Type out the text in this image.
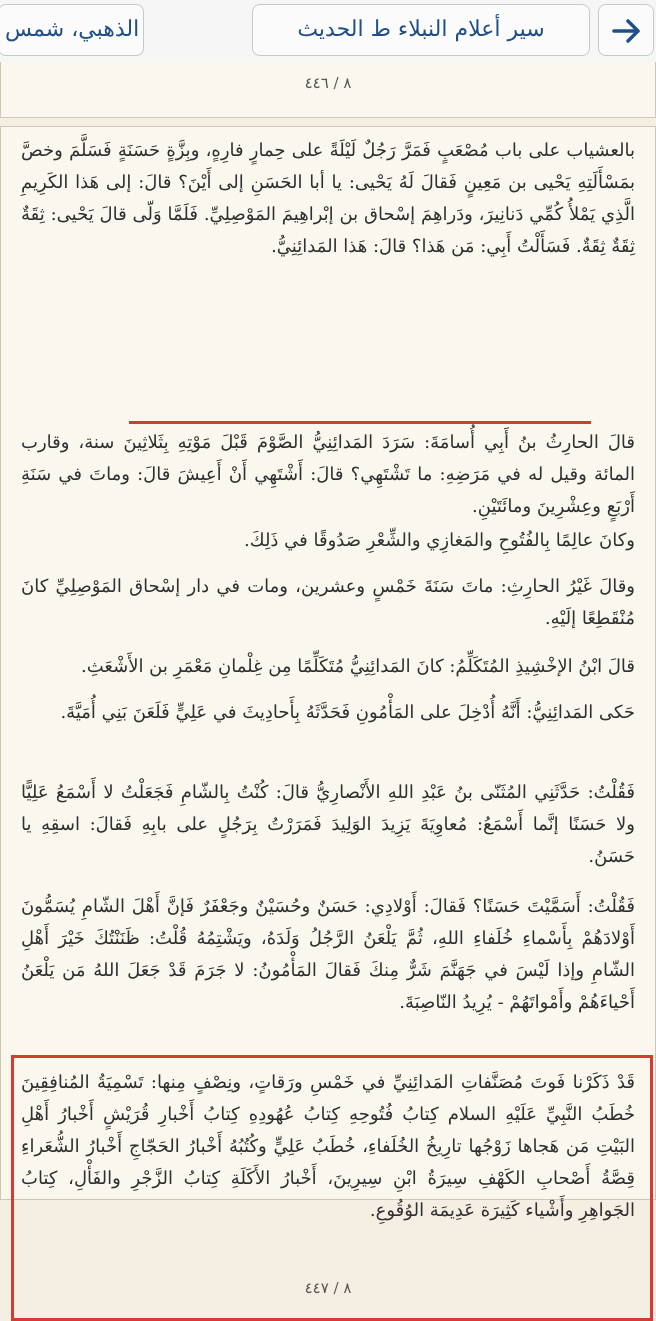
الذهبي، شمس	سير أعلام النبلاء ط الحديث
٨ / ٤٤٦
بالعشياب على باب مُصْعَبٍ فَمَرَّ رَجُلٌ لَيْلَةً على حِمارٍ فارِهٍ، وبِزَّةٍ حَسَنَةٍ فَسَلَّمَ وخصَّ بمَسْأَلَتِهِ يَحْيى بن مَعِينٍ فَقالَ لَهُ يَحْيى: يا أبا الحَسَنِ إلى أَيْنَ؟ قالَ: إلى هَذا الكَرِيمِ الَّذِي يَمْلأُ كُمِّي دَنانِيرَ، ودَراهِمَ إسْحاق بن إبْراهِيمَ المَوْصِلِيِّ. فَلَمَّا وَلّى قالَ يَحْيى: ثِقَةٌ ثِقَةٌ ثِقَةٌ. فَسَأَلْتُ أَبِي: مَن هَذا؟ قالَ: هَذا المَدائِنِيُّ.
قالَ الحارِثُ بنُ أَبِي أُسامَةَ: سَرَدَ المَدائِنِيُّ الصَّوْمَ قَبْلَ مَوْتِهِ بِثَلاثِينَ سنة، وقارب المائة وقيل له في مَرَضِهِ: ما تَشْتَهِي؟ قالَ: أَشْتَهِي أَنْ أَعِيشَ قالَ: وماتَ في سَنَةِ أَرْبَعٍ وعِشْرِينَ ومائَتَيْنِ.
وكانَ عالِمًا بِالفُتُوحِ والمَغازِي والشِّعْرِ صَدُوقًا في ذَلِكَ.
وقالَ غَيْرُ الحارِثِ: ماتَ سَنَةَ خَمْسٍ وعشرين، ومات في دار إسْحاق المَوْصِلِيِّ كانَ مُنْقَطِعًا إلَيْهِ.
قالَ ابْنُ الإخْشِيذِ المُتَكَلِّمُ: كانَ المَدائِنِيُّ مُتَكَلِّمًا مِن غِلْمانِ مَعْمَرِ بن الأَشْعَثِ.
حَكى المَدائِنِيُّ: أَنَّهُ أُدْخِلَ على المَأْمُونِ فَحَدَّثَهُ بِأَحادِيثَ في عَلِيٍّ فَلَعَنَ بَنِي أُمَيَّةَ.
فَقُلْتُ: حَدَّثَنِي المُثَنّى بنُ عَبْدِ اللهِ الأَنْصارِيُّ قالَ: كُنْتُ بِالشّامِ فَجَعَلْتُ لا أَسْمَعُ عَلِيًّا ولا حَسَنًا إنَّما أَسْمَعُ: مُعاوِيَةَ يَزِيدَ الوَلِيدَ فَمَرَرْتُ بِرَجُلٍ على بابِهِ فَقالَ: اسقِهِ يا حَسَنُ.
فَقُلْتُ: أَسَمَّيْتَ حَسَنًا؟ فَقالَ: أَوْلادِي: حَسَنٌ وحُسَيْنٌ وجَعْفَرٌ فَإنَّ أَهْلَ الشّامِ يُسَمُّونَ أَوْلادَهُمْ بِأَسْماءِ خُلَفاءِ اللهِ، ثُمَّ يَلْعَنُ الرَّجُلُ وَلَدَهُ، ويَشْتِمُهُ قُلْتُ: ظَنَنْتُكَ خَيْرَ أَهْلِ الشّامِ وإذا لَيْسَ في جَهَنَّمَ شَرٌّ مِنكَ فَقالَ المَأْمُونُ: لا جَرَمَ قَدْ جَعَلَ اللهُ مَن يَلْعَنُ أَحْياءَهُمْ وأَمْواتَهُمْ - يُرِيدُ النّاصِبَةَ.
قَدْ ذَكَرْنا فَوتَ مُصَنَّفاتِ المَدائِنِيِّ في خَمْسِ ورَقاتٍ، ونِصْفٍ مِنها: تَسْمِيَةُ المُنافِقِينَ خُطَبُ النَّبِيِّ عَلَيْهِ السلام كِتابُ فُتُوحِهِ كِتابُ عُهُودِهِ كِتابُ أَخْبارِ قُرَيْشٍ أَخْبارُ أَهْلِ البَيْتِ مَن هَجاها زَوْجُها تارِيخُ الخُلَفاءِ، خُطَبُ عَلِيٍّ وكُتُبُهُ أَخْبارُ الحَجّاجِ أَخْبارُ الشُّعَراءِ قِصَّةُ أَصْحابِ الكَهْفِ سِيرَةُ ابْنِ سِيرِينَ، أَخْبارُ الأَكَلَةِ كِتابُ الزَّجْرِ والفَأْلِ، كِتابُ الجَواهِرِ وأَشْياء كَثِيرَة عَدِيمَة الوُقُوعِ.
٨ / ٤٤٧
